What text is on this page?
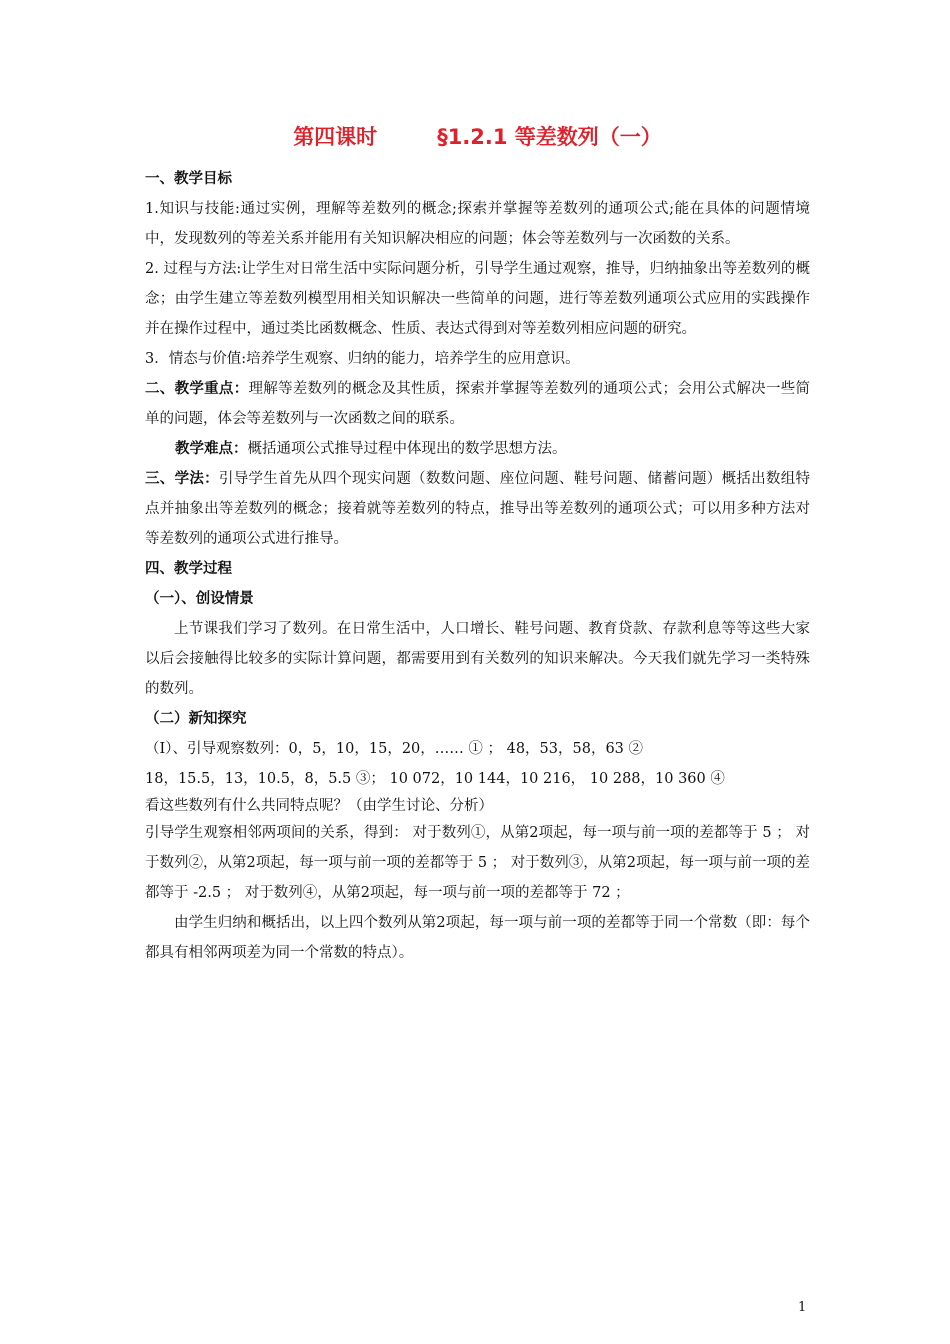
第四课时	§1.2.1 等差数列（一）

一、教学目标

1.知识与技能:通过实例，理解等差数列的概念;探索并掌握等差数列的通项公式;能在具体的问题情境中，发现数列的等差关系并能用有关知识解决相应的问题；体会等差数列与一次函数的关系。

2. 过程与方法:让学生对日常生活中实际问题分析，引导学生通过观察，推导，归纳抽象出等差数列的概念；由学生建立等差数列模型用相关知识解决一些简单的问题，进行等差数列通项公式应用的实践操作并在操作过程中，通过类比函数概念、性质、表达式得到对等差数列相应问题的研究。

3．情态与价值:培养学生观察、归纳的能力，培养学生的应用意识。

二、教学重点：理解等差数列的概念及其性质，探索并掌握等差数列的通项公式；会用公式解决一些简单的问题，体会等差数列与一次函数之间的联系。

教学难点：概括通项公式推导过程中体现出的数学思想方法。

三、学法：引导学生首先从四个现实问题（数数问题、座位问题、鞋号问题、储蓄问题）概括出数组特点并抽象出等差数列的概念；接着就等差数列的特点，推导出等差数列的通项公式；可以用多种方法对等差数列的通项公式进行推导。

四、教学过程

（一）、创设情景

上节课我们学习了数列。在日常生活中，人口增长、鞋号问题、教育贷款、存款利息等等这些大家以后会接触得比较多的实际计算问题，都需要用到有关数列的知识来解决。今天我们就先学习一类特殊的数列。

（二）新知探究

（Ⅰ）、引导观察数列：0，5，10，15，20，…… ① ； 48，53，58，63 ②

18，15.5，13，10.5，8，5.5 ③； 10 072，10 144，10 216， 10 288，10 360 ④

看这些数列有什么共同特点呢？（由学生讨论、分析）

引导学生观察相邻两项间的关系，得到： 对于数列①，从第2项起，每一项与前一项的差都等于 5 ； 对于数列②，从第2项起，每一项与前一项的差都等于 5 ； 对于数列③，从第2项起，每一项与前一项的差都等于 -2.5 ； 对于数列④，从第2项起，每一项与前一项的差都等于 72 ；

由学生归纳和概括出，以上四个数列从第2项起，每一项与前一项的差都等于同一个常数（即：每个都具有相邻两项差为同一个常数的特点）。

1
